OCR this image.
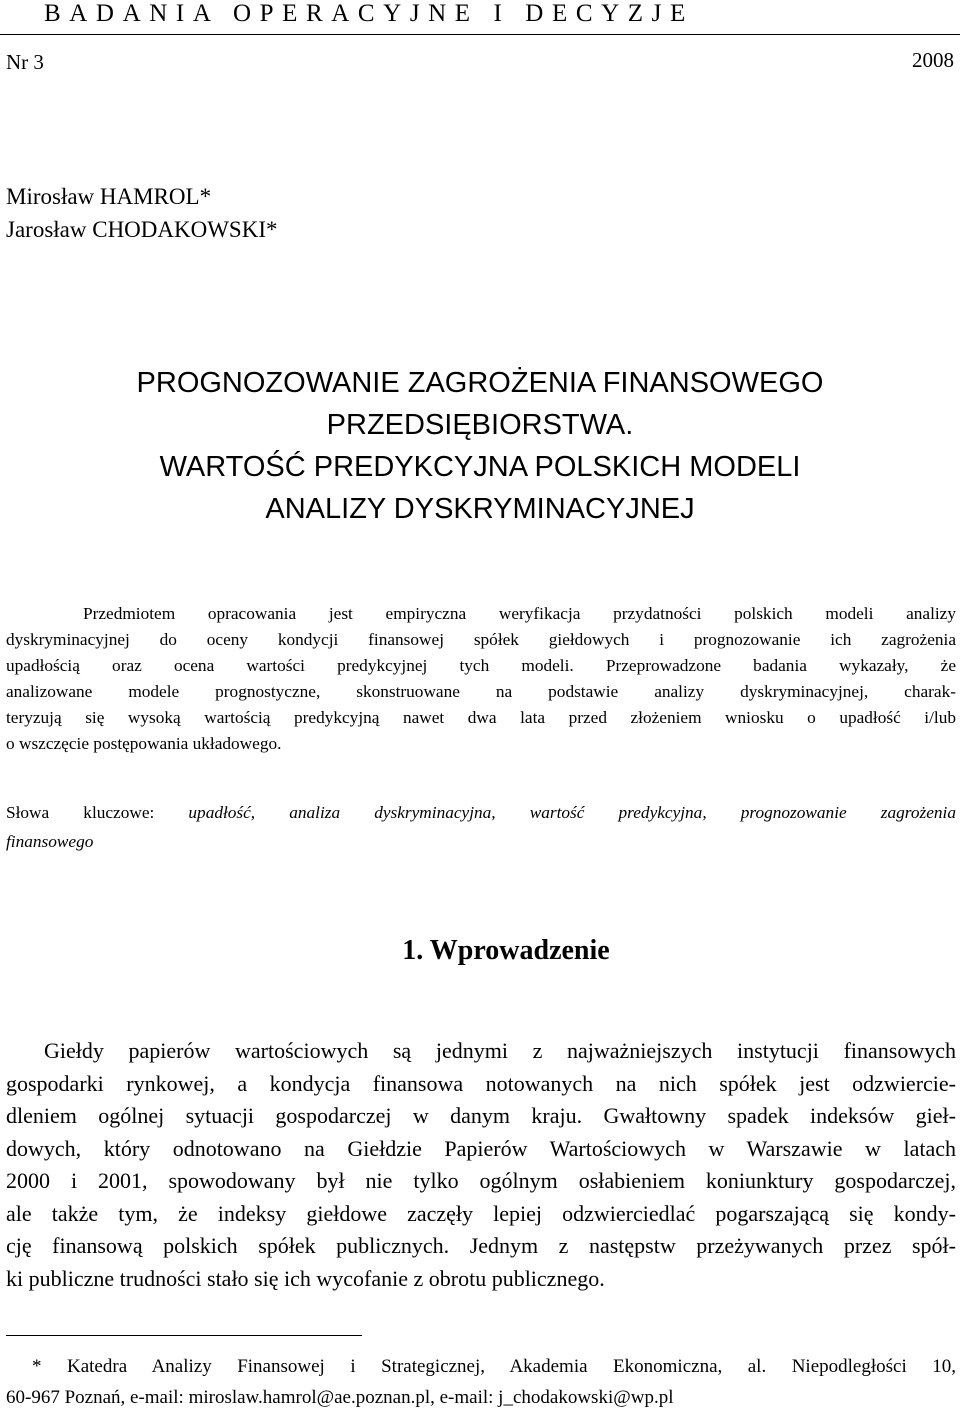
BADANIA OPERACYJNE I DECYZJE
Nr 3	2008
Mirosław HAMROL*
Jarosław CHODAKOWSKI*
PROGNOZOWANIE ZAGROŻENIA FINANSOWEGO
PRZEDSIĘBIORSTWA.
WARTOŚĆ PREDYKCYJNA POLSKICH MODELI
ANALIZY DYSKRYMINACYJNEJ
Przedmiotem opracowania jest empiryczna weryfikacja przydatności polskich modeli analizy
dyskryminacyjnej do oceny kondycji finansowej spółek giełdowych i prognozowanie ich zagrożenia
upadłością oraz ocena wartości predykcyjnej tych modeli. Przeprowadzone badania wykazały, że
analizowane modele prognostyczne, skonstruowane na podstawie analizy dyskryminacyjnej, charak-
teryzują się wysoką wartością predykcyjną nawet dwa lata przed złożeniem wniosku o upadłość i/lub
o wszczęcie postępowania układowego.
Słowa kluczowe: upadłość, analiza dyskryminacyjna, wartość predykcyjna, prognozowanie zagrożenia
finansowego
1. Wprowadzenie
Giełdy papierów wartościowych są jednymi z najważniejszych instytucji finansowych
gospodarki rynkowej, a kondycja finansowa notowanych na nich spółek jest odzwiercie-
dleniem ogólnej sytuacji gospodarczej w danym kraju. Gwałtowny spadek indeksów gieł-
dowych, który odnotowano na Giełdzie Papierów Wartościowych w Warszawie w latach
2000 i 2001, spowodowany był nie tylko ogólnym osłabieniem koniunktury gospodarczej,
ale także tym, że indeksy giełdowe zaczęły lepiej odzwierciedlać pogarszającą się kondy-
cję finansową polskich spółek publicznych. Jednym z następstw przeżywanych przez spół-
ki publiczne trudności stało się ich wycofanie z obrotu publicznego.
* Katedra Analizy Finansowej i Strategicznej, Akademia Ekonomiczna, al. Niepodległości 10,
60-967 Poznań, e-mail: miroslaw.hamrol@ae.poznan.pl, e-mail: j_chodakowski@wp.pl
